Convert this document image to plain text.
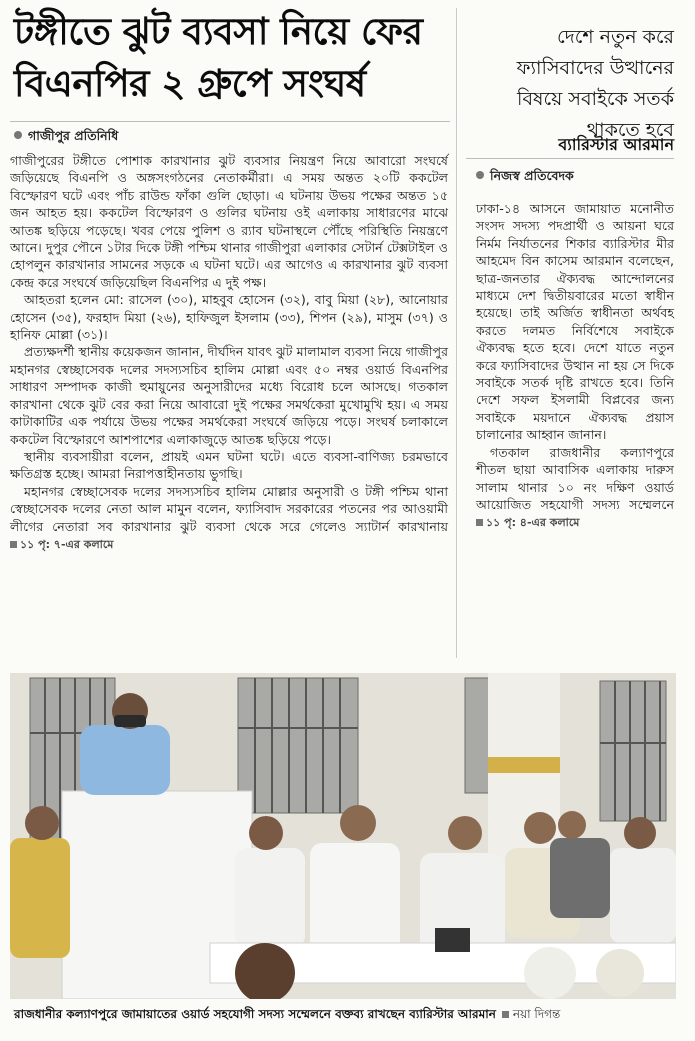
টঙ্গীতে ঝুট ব্যবসা নিয়ে ফের
বিএনপির ২ গ্রুপে সংঘর্ষ
দেশে নতুন করে ফ্যাসিবাদের উত্থানের বিষয়ে সবাইকে সতর্ক থাকতে হবে
ব্যারিস্টার আরমান
নিজস্ব প্রতিবেদক
গাজীপুর প্রতিনিধি

গাজীপুরের টঙ্গীতে পোশাক কারখানার ঝুট ব্যবসার নিয়ন্ত্রণ নিয়ে আবারো সংঘর্ষে জড়িয়েছে বিএনপি ও অঙ্গসংগঠনের নেতাকর্মীরা। এ সময় অন্তত ২০টি ককটেল বিস্ফোরণ ঘটে এবং পাঁচ রাউন্ড ফাঁকা গুলি ছোড়া। এ ঘটনায় উভয় পক্ষের অন্তত ১৫ জন আহত হয়। ককটেল বিস্ফোরণ ও গুলির ঘটনায় ওই এলাকায় সাধারণের মাঝে আতঙ্ক ছড়িয়ে পড়েছে। খবর পেয়ে পুলিশ ও র‌্যাব ঘটনাস্থলে পৌঁছে পরিস্থিতি নিয়ন্ত্রণে আনে। দুপুর পৌনে ১টার দিকে টঙ্গী পশ্চিম থানার গাজীপুরা এলাকার সেটার্ন টেক্সটাইল ও হোপলুন কারখানার সামনের সড়কে এ ঘটনা ঘটে। এর আগেও এ কারখানার ঝুট ব্যবসা কেন্দ্র করে সংঘর্ষে জড়িয়েছিল বিএনপির এ দুই পক্ষ।

আহতরা হলেন মো: রাসেল (৩০), মাহবুব হোসেন (৩২), বাবু মিয়া (২৮), আনোয়ার হোসেন (৩৫), ফরহাদ মিয়া (২৬), হাফিজুল ইসলাম (৩৩), শিপন (২৯), মাসুম (৩৭) ও হানিফ মোল্লা (৩১)।

প্রত্যক্ষদর্শী স্থানীয় কয়েকজন জানান, দীর্ঘদিন যাবৎ ঝুট মালামাল ব্যবসা নিয়ে গাজীপুর মহানগর স্বেচ্ছাসেবক দলের সদস্যসচিব হালিম মোল্লা এবং ৫০ নম্বর ওয়ার্ড বিএনপির সাধারণ সম্পাদক কাজী হুমায়ুনের অনুসারীদের মধ্যে বিরোধ চলে আসছে। গতকাল কারখানা থেকে ঝুট বের করা নিয়ে আবারো দুই পক্ষের সমর্থকেরা মুখোমুখি হয়। এ সময় কাটাকাটির এক পর্যায়ে উভয় পক্ষের সমর্থকেরা সংঘর্ষে জড়িয়ে পড়ে। সংঘর্ষ চলাকালে ককটেল বিস্ফোরণে আশপাশের এলাকাজুড়ে আতঙ্ক ছড়িয়ে পড়ে।

স্থানীয় ব্যবসায়ীরা বলেন, প্রায়ই এমন ঘটনা ঘটে। এতে ব্যবসা-বাণিজ্য চরমভাবে ক্ষতিগ্রস্ত হচ্ছে। আমরা নিরাপত্তাহীনতায় ভুগছি।

মহানগর স্বেচ্ছাসেবক দলের সদস্যসচিব হালিম মোল্লার অনুসারী ও টঙ্গী পশ্চিম থানা স্বেচ্ছাসেবক দলের নেতা আল মামুন বলেন, ফ্যাসিবাদ সরকারের পতনের পর আওয়ামী লীগের নেতারা সব কারখানার ঝুট ব্যবসা থেকে সরে গেলেও স্যাটার্ন কারখানায় ১১ পৃ: ৭-এর কলামে

ঢাকা-১৪ আসনে জামায়াত মনোনীত সংসদ সদস্য পদপ্রার্থী ও আয়না ঘরে নির্মম নির্যাতনের শিকার ব্যারিস্টার মীর আহমেদ বিন কাসেম আরমান বলেছেন, ছাত্র-জনতার ঐক্যবদ্ধ আন্দোলনের মাধ্যমে দেশ দ্বিতীয়বারের মতো স্বাধীন হয়েছে। তাই অর্জিত স্বাধীনতা অর্থবহ করতে দলমত নির্বিশেষে সবাইকে ঐক্যবদ্ধ হতে হবে। দেশে যাতে নতুন করে ফ্যাসিবাদের উত্থান না হয় সে দিকে সবাইকে সতর্ক দৃষ্টি রাখতে হবে। তিনি দেশে সফল ইসলামী বিপ্লবের জন্য সবাইকে ময়দানে ঐক্যবদ্ধ প্রয়াস চালানোর আহ্বান জানান।

গতকাল রাজধানীর কল্যাণপুরে শীতল ছায়া আবাসিক এলাকায় দারুস সালাম থানার ১০ নং দক্ষিণ ওয়ার্ড আয়োজিত সহযোগী সদস্য সম্মেলনে ১১ পৃ: ৪-এর কলামে

রাজধানীর কল্যাণপুরে জামায়াতের ওয়ার্ড সহযোগী সদস্য সম্মেলনে বক্তব্য রাখছেন ব্যারিস্টার আরমান নয়া দিগন্ত
